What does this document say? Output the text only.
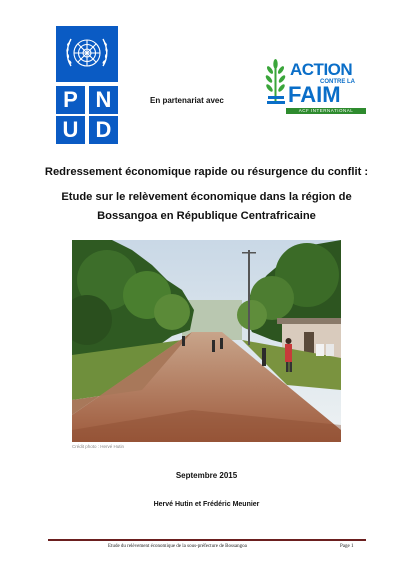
P N
U D
En partenariat avec
ACTION
CONTRE LA
FAIM
ACF INTERNATIONAL
Redressement économique rapide ou résurgence du conflit :
Etude sur le relèvement économique dans la région de
Bossangoa en République Centrafricaine
Crédit photo : Hervé Hutin
Septembre 2015
Hervé Hutin et Frédéric Meunier
Etude du relèvement économique de la sous-préfecture de Bossangoa	Page 1
